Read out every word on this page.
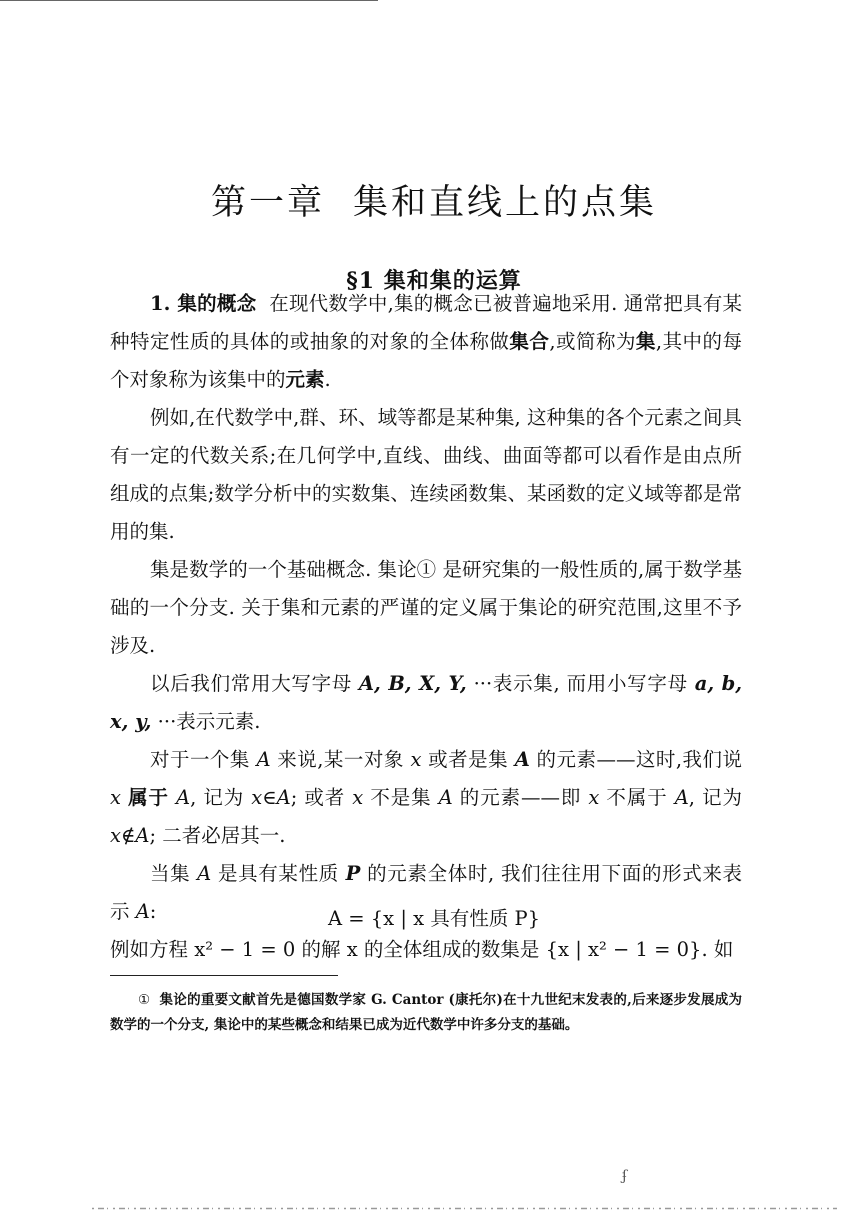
第一章 集和直线上的点集
§1 集和集的运算

1. 集的概念 在现代数学中,集的概念已被普遍地采用. 通常把具有某种特定性质的具体的或抽象的对象的全体称做集合,或简称为集,其中的每个对象称为该集中的元素.

例如,在代数学中,群、环、域等都是某种集, 这种集的各个元素之间具有一定的代数关系;在几何学中,直线、曲线、曲面等都可以看作是由点所组成的点集;数学分析中的实数集、连续函数集、某函数的定义域等都是常用的集.

集是数学的一个基础概念. 集论① 是研究集的一般性质的,属于数学基础的一个分支. 关于集和元素的严谨的定义属于集论的研究范围,这里不予涉及.

以后我们常用大写字母 A, B, X, Y, ···表示集, 而用小写字母 a, b, x, y, ···表示元素.

对于一个集 A 来说,某一对象 x 或者是集 A 的元素——这时,我们说 x 属于 A, 记为 x∈A; 或者 x 不是集 A 的元素——即 x 不属于 A, 记为 x∉A; 二者必居其一.

当集 A 是具有某性质 P 的元素全体时, 我们往往用下面的形式来表示 A:	A = {x | x 具有性质 P}

例如方程 x² − 1 = 0 的解 x 的全体组成的数集是 {x | x² − 1 = 0}. 如

① 集论的重要文献首先是德国数学家 G. Cantor (康托尔)在十九世纪末发表的,后来逐步发展成为数学的一个分支, 集论中的某些概念和结果已成为近代数学中许多分支的基础。

ʄ
